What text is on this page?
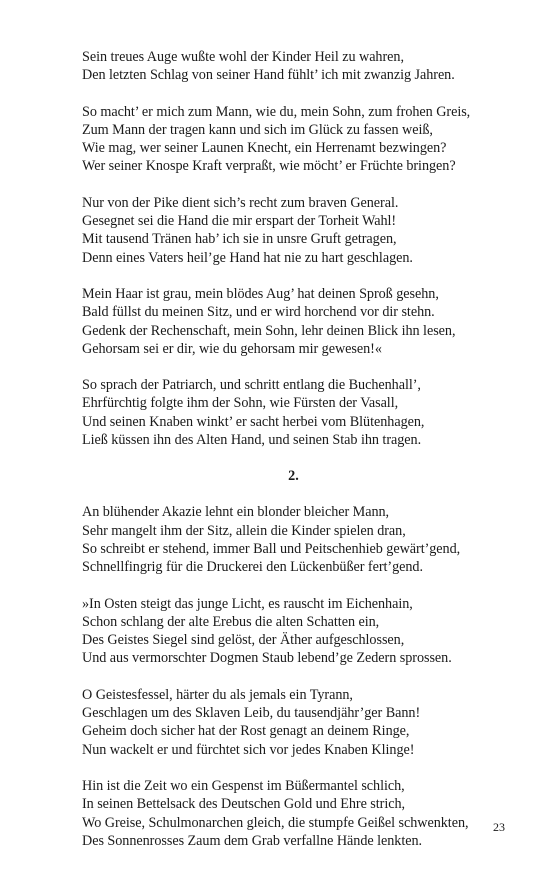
Sein treues Auge wußte wohl der Kinder Heil zu wahren,
Den letzten Schlag von seiner Hand fühlt’ ich mit zwanzig Jahren.
So macht’ er mich zum Mann, wie du, mein Sohn, zum frohen Greis,
Zum Mann der tragen kann und sich im Glück zu fassen weiß,
Wie mag, wer seiner Launen Knecht, ein Herrenamt bezwingen?
Wer seiner Knospe Kraft verpraßt, wie möcht’ er Früchte bringen?
Nur von der Pike dient sich’s recht zum braven General.
Gesegnet sei die Hand die mir erspart der Torheit Wahl!
Mit tausend Tränen hab’ ich sie in unsre Gruft getragen,
Denn eines Vaters heil’ge Hand hat nie zu hart geschlagen.
Mein Haar ist grau, mein blödes Aug’ hat deinen Sproß gesehn,
Bald füllst du meinen Sitz, und er wird horchend vor dir stehn.
Gedenk der Rechenschaft, mein Sohn, lehr deinen Blick ihn lesen,
Gehorsam sei er dir, wie du gehorsam mir gewesen!«
So sprach der Patriarch, und schritt entlang die Buchenhall’,
Ehrfürchtig folgte ihm der Sohn, wie Fürsten der Vasall,
Und seinen Knaben winkt’ er sacht herbei vom Blütenhagen,
Ließ küssen ihn des Alten Hand, und seinen Stab ihn tragen.
2.
An blühender Akazie lehnt ein blonder bleicher Mann,
Sehr mangelt ihm der Sitz, allein die Kinder spielen dran,
So schreibt er stehend, immer Ball und Peitschenhieb gewärt’gend,
Schnellfingrig für die Druckerei den Lückenbüßer fert’gend.
»In Osten steigt das junge Licht, es rauscht im Eichenhain,
Schon schlang der alte Erebus die alten Schatten ein,
Des Geistes Siegel sind gelöst, der Äther aufgeschlossen,
Und aus vermorschter Dogmen Staub lebend’ge Zedern sprossen.
O Geistesfessel, härter du als jemals ein Tyrann,
Geschlagen um des Sklaven Leib, du tausendjähr’ger Bann!
Geheim doch sicher hat der Rost genagt an deinem Ringe,
Nun wackelt er und fürchtet sich vor jedes Knaben Klinge!
Hin ist die Zeit wo ein Gespenst im Büßermantel schlich,
In seinen Bettelsack des Deutschen Gold und Ehre strich,
Wo Greise, Schulmonarchen gleich, die stumpfe Geißel schwenkten,
Des Sonnenrosses Zaum dem Grab verfallne Hände lenkten.
23
